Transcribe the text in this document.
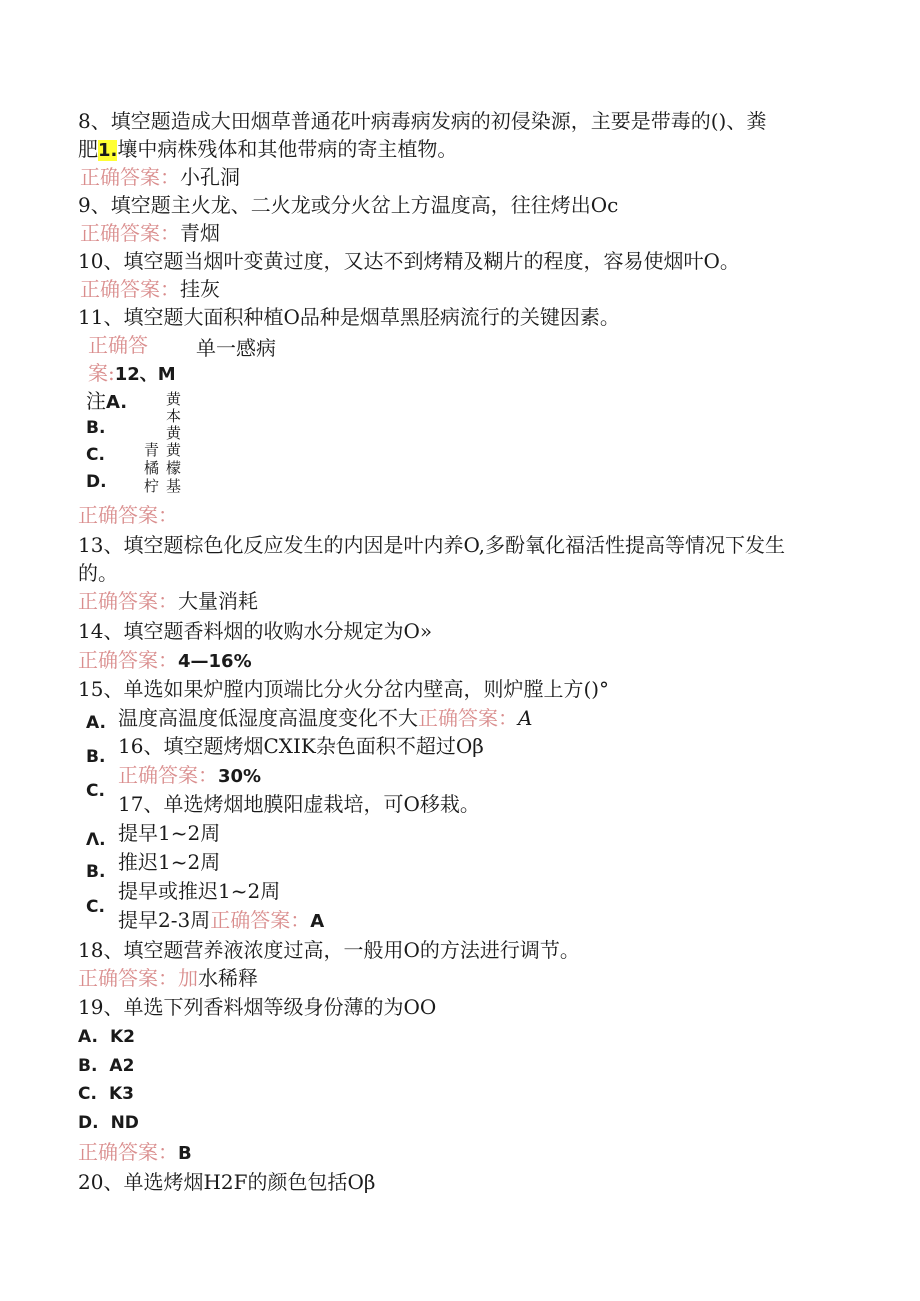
8、填空题造成大田烟草普通花叶病毒病发病的初侵染源，主要是带毒的()、粪
肥1.壤中病株残体和其他带病的寄主植物。
正确答案：小孔洞
9、填空题主火龙、二火龙或分火岔上方温度高，往往烤出Oc
正确答案：青烟
10、填空题当烟叶变黄过度，又达不到烤精及糊片的程度，容易使烟叶O。
正确答案：挂灰
11、填空题大面积种植O品种是烟草黑胫病流行的关键因素。
正确答 单一感病
案:12、M
注A.
B.
C.
D.
青
橘
柠
黄
本
黄
黄
檬
基
正确答案：
13、填空题棕色化反应发生的内因是叶内养O,多酚氧化福活性提高等情况下发生
的。
正确答案：大量消耗
14、填空题香料烟的收购水分规定为O»
正确答案：4—16%
15、单选如果炉膛内顶端比分火分岔内壁高，则炉膛上方()°
A.
B.
C.
温度高温度低湿度高温度变化不大正确答案：A
16、填空题烤烟CXIK杂色面积不超过Oβ
正确答案：30%
17、单选烤烟地膜阳虚栽培，可O移栽。
Λ.
B.
C.
提早1~2周
推迟1~2周
提早或推迟1~2周
提早2-3周正确答案：A
18、填空题营养液浓度过高，一般用O的方法进行调节。
正确答案：加水稀释
19、单选下列香料烟等级身份薄的为OO
A. K2
B. A2
C. K3
D. ND
正确答案：B
20、单选烤烟H2F的颜色包括Oβ
